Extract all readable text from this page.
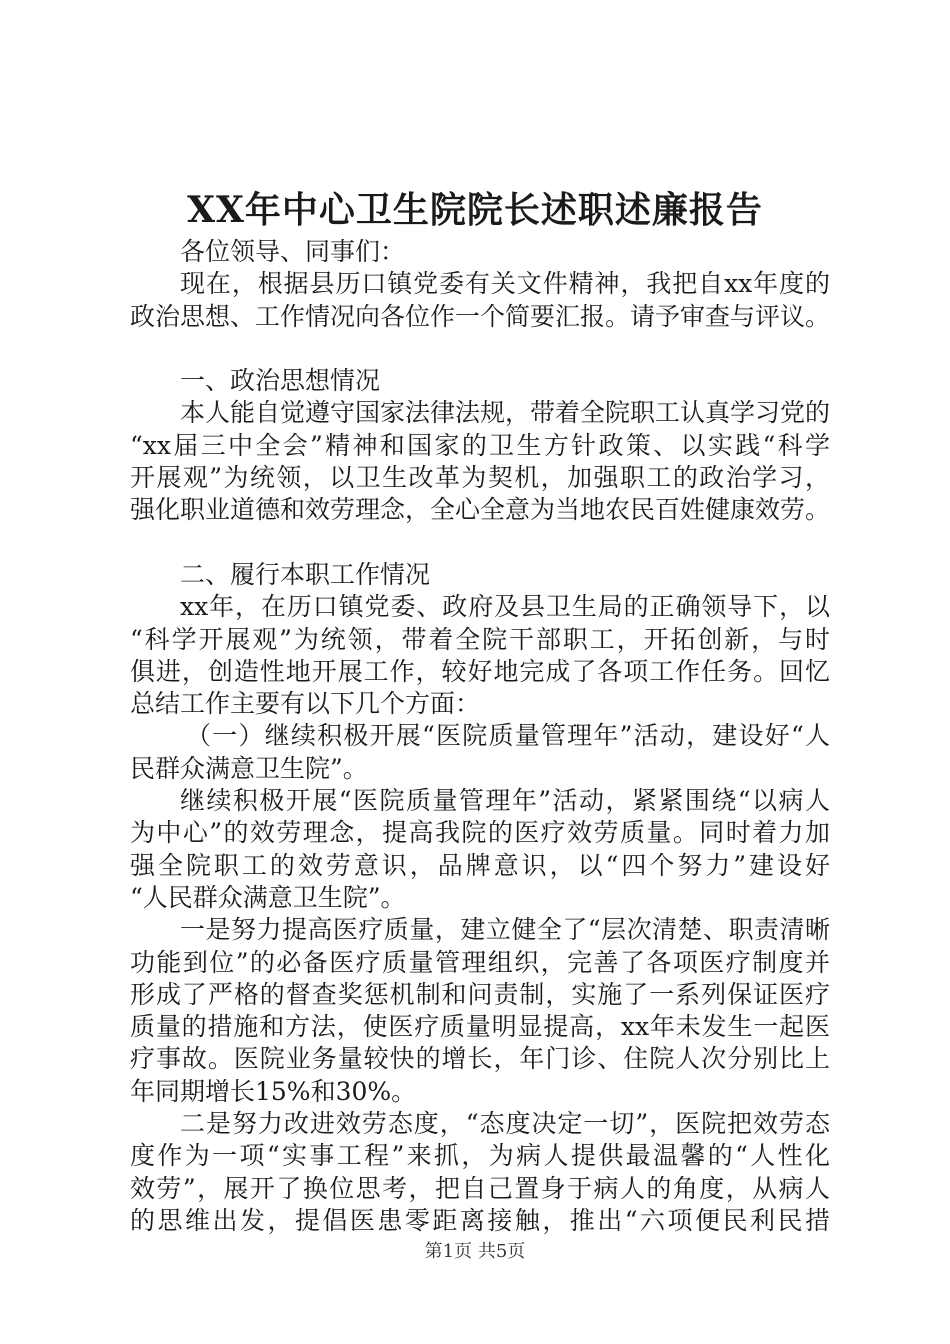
XX年中心卫生院院长述职述廉报告

各位领导、同事们：

现在，根据县历口镇党委有关文件精神，我把自xx年度的

政治思想、工作情况向各位作一个简要汇报。请予审查与评议。

一、政治思想情况

本人能自觉遵守国家法律法规，带着全院职工认真学习党的

“xx届三中全会”精神和国家的卫生方针政策、以实践“科学

开展观”为统领，以卫生改革为契机，加强职工的政治学习，

强化职业道德和效劳理念，全心全意为当地农民百姓健康效劳。

二、履行本职工作情况

xx年，在历口镇党委、政府及县卫生局的正确领导下，以

“科学开展观”为统领，带着全院干部职工，开拓创新，与时

俱进，创造性地开展工作，较好地完成了各项工作任务。回忆

总结工作主要有以下几个方面：

（一）继续积极开展“医院质量管理年”活动，建设好“人

民群众满意卫生院”。

继续积极开展“医院质量管理年”活动，紧紧围绕“以病人

为中心”的效劳理念，提高我院的医疗效劳质量。同时着力加

强全院职工的效劳意识，品牌意识，以“四个努力”建设好

“人民群众满意卫生院”。

一是努力提高医疗质量，建立健全了“层次清楚、职责清晰

功能到位”的必备医疗质量管理组织，完善了各项医疗制度并

形成了严格的督查奖惩机制和问责制，实施了一系列保证医疗

质量的措施和方法，使医疗质量明显提高，xx年未发生一起医

疗事故。医院业务量较快的增长，年门诊、住院人次分别比上

年同期增长15%和30%。

二是努力改进效劳态度，“态度决定一切”，医院把效劳态

度作为一项“实事工程”来抓，为病人提供最温馨的“人性化

效劳”，展开了换位思考，把自己置身于病人的角度，从病人

的思维出发，提倡医患零距离接触，推出“六项便民利民措

第1页 共5页
